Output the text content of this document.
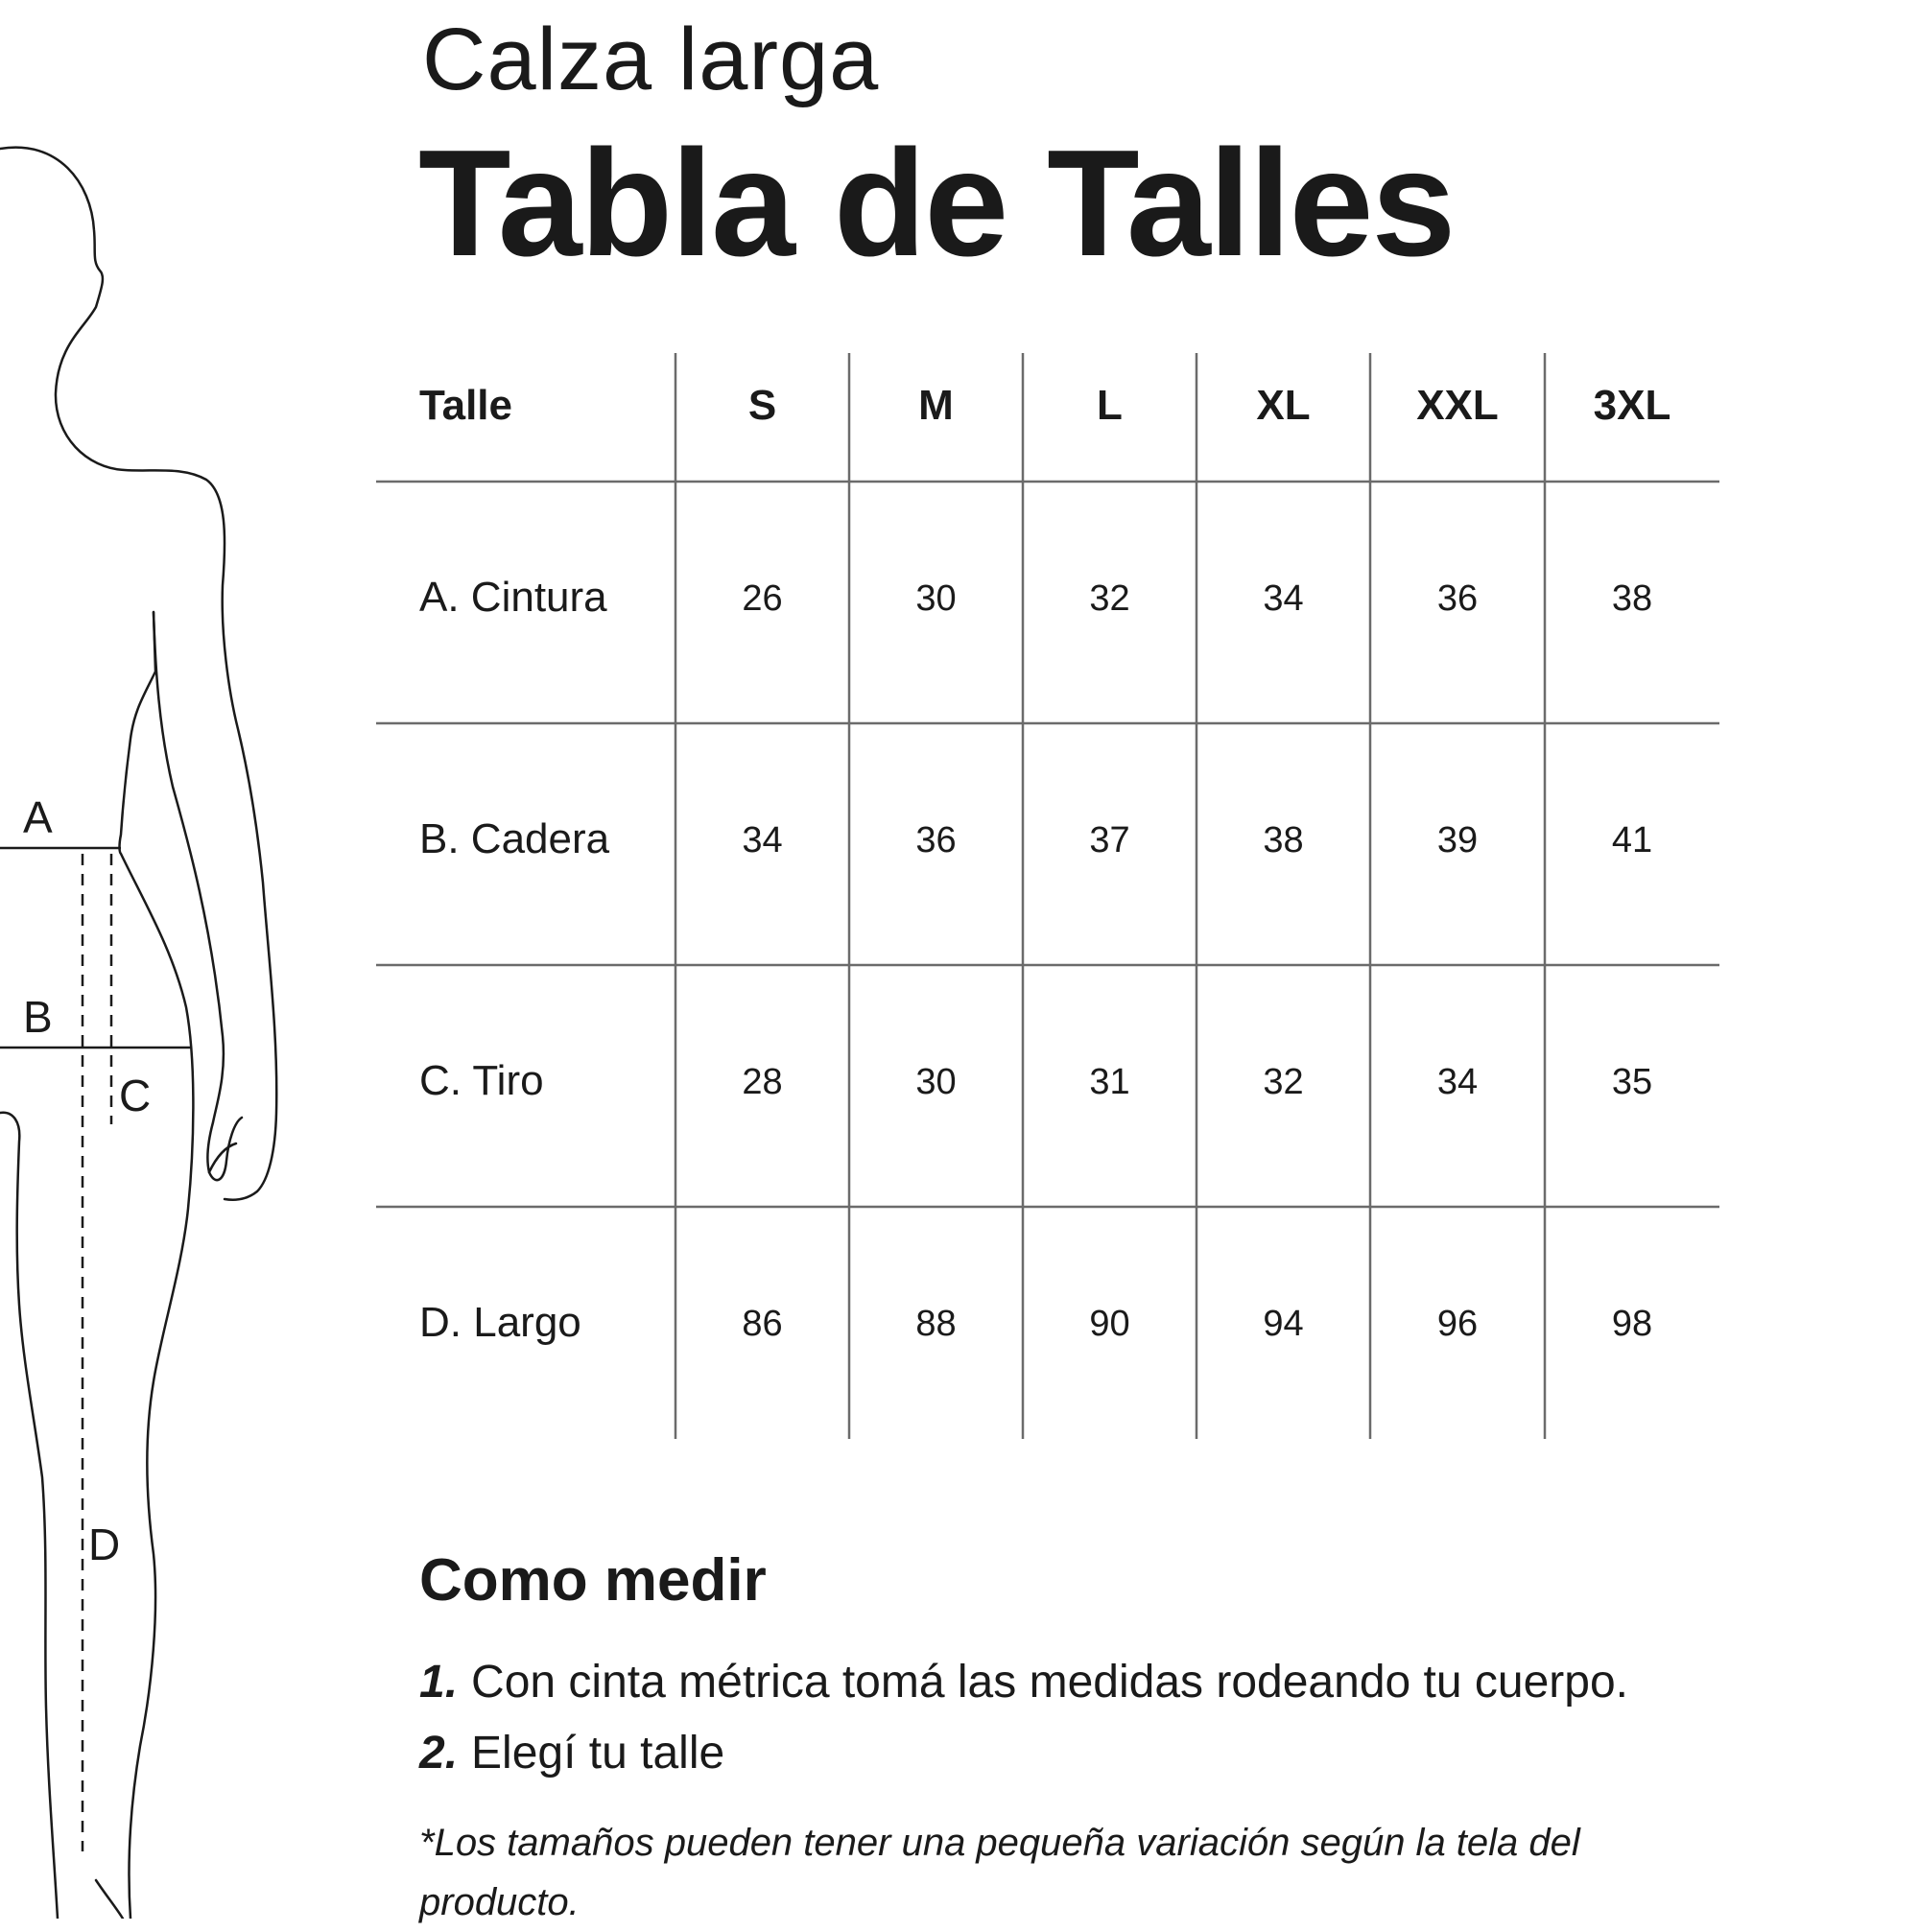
A
B
C
D
Calza larga
Tabla de Talles
Talle	S	M	L	XL	XXL	3XL
A. Cintura	26	30	32	34	36	38
B. Cadera	34	36	37	38	39	41
C. Tiro	28	30	31	32	34	35
D. Largo	86	88	90	94	96	98
Como medir
1. Con cinta métrica tomá las medidas rodeando tu cuerpo.
2. Elegí tu talle
*Los tamaños pueden tener una pequeña variación según la tela del producto.
